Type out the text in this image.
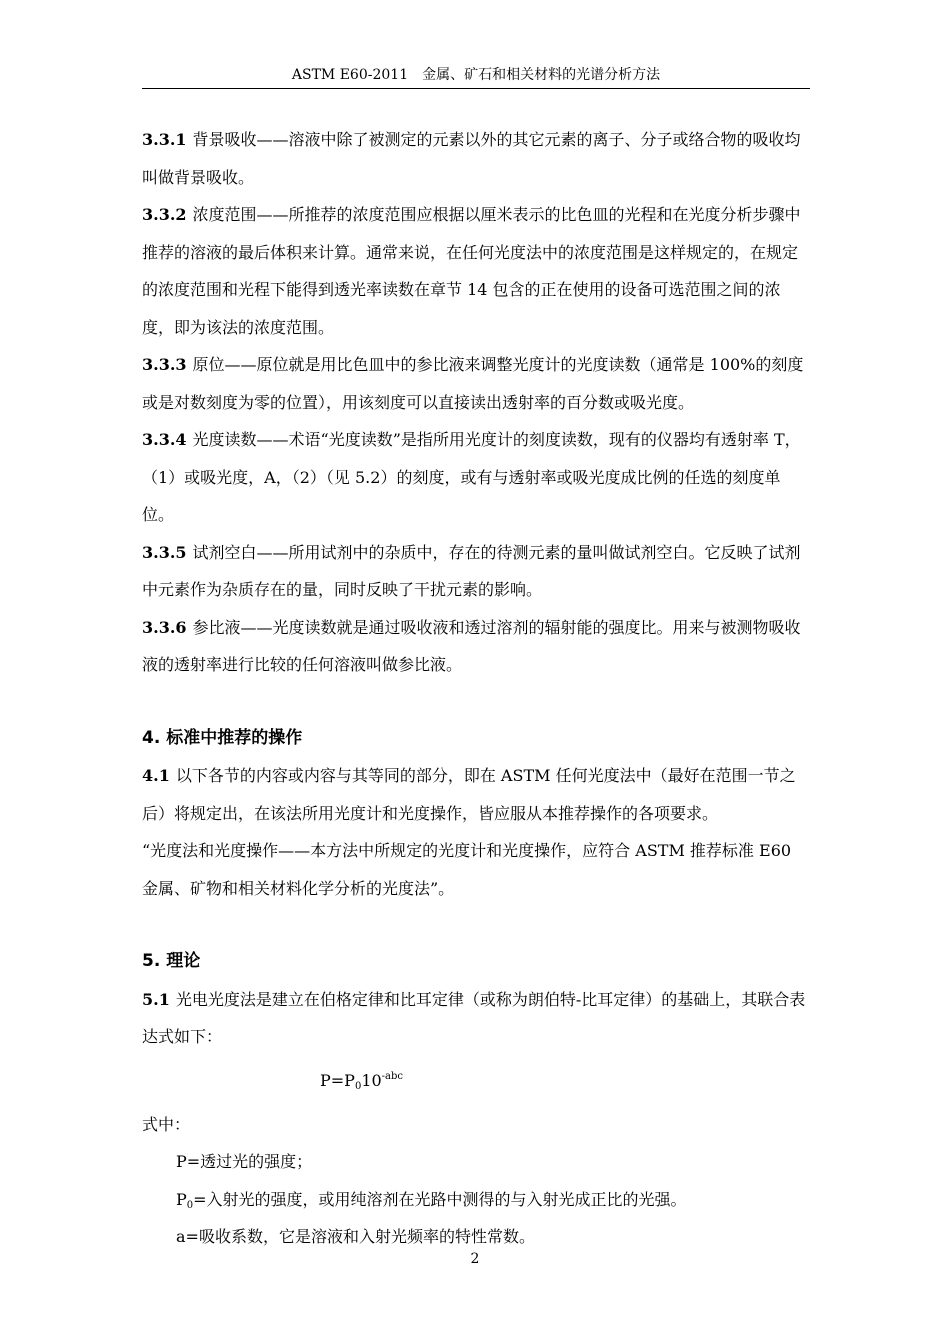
ASTM E60-2011　金属、矿石和相关材料的光谱分析方法

3.3.1 背景吸收——溶液中除了被测定的元素以外的其它元素的离子、分子或络合物的吸收均叫做背景吸收。

3.3.2 浓度范围——所推荐的浓度范围应根据以厘米表示的比色皿的光程和在光度分析步骤中推荐的溶液的最后体积来计算。通常来说，在任何光度法中的浓度范围是这样规定的，在规定的浓度范围和光程下能得到透光率读数在章节 14 包含的正在使用的设备可选范围之间的浓度，即为该法的浓度范围。

3.3.3 原位——原位就是用比色皿中的参比液来调整光度计的光度读数（通常是 100%的刻度或是对数刻度为零的位置），用该刻度可以直接读出透射率的百分数或吸光度。

3.3.4 光度读数——术语“光度读数”是指所用光度计的刻度读数，现有的仪器均有透射率 T，（1）或吸光度，A，（2）（见 5.2）的刻度，或有与透射率或吸光度成比例的任选的刻度单位。

3.3.5 试剂空白——所用试剂中的杂质中，存在的待测元素的量叫做试剂空白。它反映了试剂中元素作为杂质存在的量，同时反映了干扰元素的影响。

3.3.6 参比液——光度读数就是通过吸收液和透过溶剂的辐射能的强度比。用来与被测物吸收液的透射率进行比较的任何溶液叫做参比液。

4. 标准中推荐的操作

4.1 以下各节的内容或内容与其等同的部分，即在 ASTM 任何光度法中（最好在范围一节之后）将规定出，在该法所用光度计和光度操作，皆应服从本推荐操作的各项要求。

“光度法和光度操作——本方法中所规定的光度计和光度操作，应符合 ASTM 推荐标准 E60 金属、矿物和相关材料化学分析的光度法”。

5. 理论

5.1 光电光度法是建立在伯格定律和比耳定律（或称为朗伯特-比耳定律）的基础上，其联合表达式如下：

$P=P_010^{-abc}$

式中：

P=透过光的强度；

$P_0=$入射光的强度，或用纯溶剂在光路中测得的与入射光成正比的光强。

a=吸收系数，它是溶液和入射光频率的特性常数。

2
